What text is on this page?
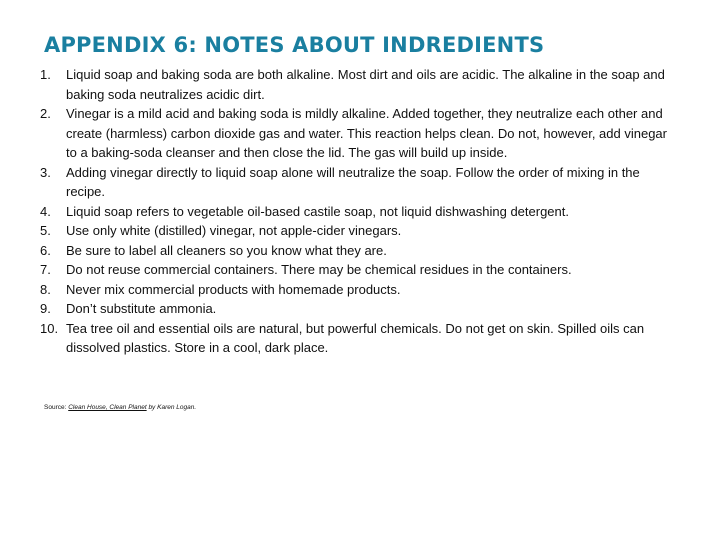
APPENDIX 6: NOTES ABOUT INDREDIENTS
1.	Liquid soap and baking soda are both alkaline. Most dirt and oils are acidic. The alkaline in the soap and baking soda neutralizes acidic dirt.
2.	Vinegar is a mild acid and baking soda is mildly alkaline. Added together, they neutralize each other and create (harmless) carbon dioxide gas and water. This reaction helps clean. Do not, however, add vinegar to a baking-soda cleanser and then close the lid. The gas will build up inside.
3.	Adding vinegar directly to liquid soap alone will neutralize the soap. Follow the order of mixing in the recipe.
4.	Liquid soap refers to vegetable oil-based castile soap, not liquid dishwashing detergent.
5.	Use only white (distilled) vinegar, not apple-cider vinegars.
6.	Be sure to label all cleaners so you know what they are.
7.	Do not reuse commercial containers. There may be chemical residues in the containers.
8.	Never mix commercial products with homemade products.
9.	Don’t substitute ammonia.
10. Tea tree oil and essential oils are natural, but powerful chemicals. Do not get on skin. Spilled oils can dissolved plastics. Store in a cool, dark place.
Source: Clean House, Clean Planet by Karen Logan.
